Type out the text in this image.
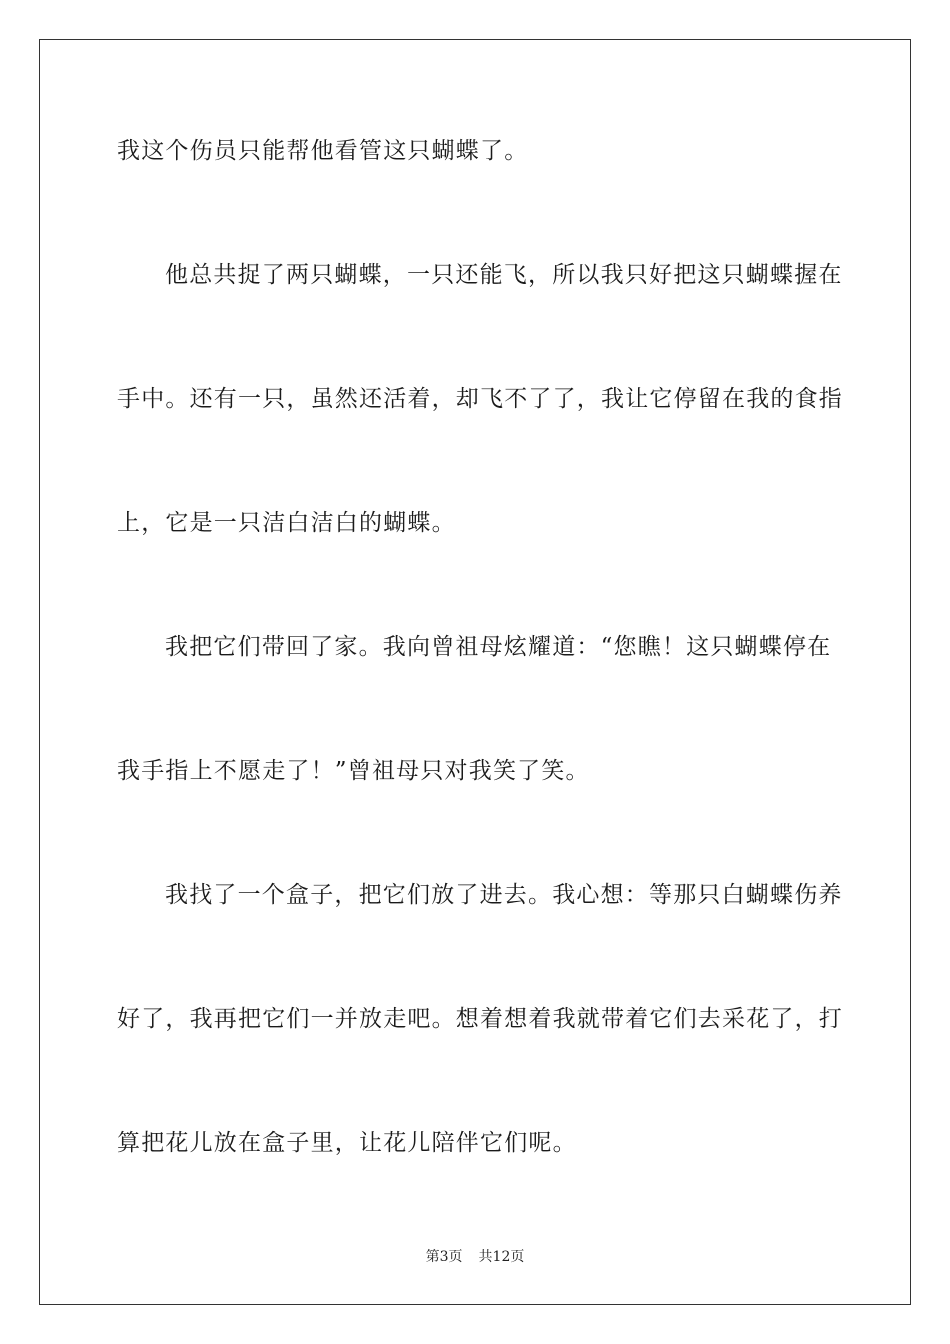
我这个伤员只能帮他看管这只蝴蝶了。
他总共捉了两只蝴蝶，一只还能飞，所以我只好把这只蝴蝶握在
手中。还有一只，虽然还活着，却飞不了了，我让它停留在我的食指
上，它是一只洁白洁白的蝴蝶。
我把它们带回了家。我向曾祖母炫耀道：“您瞧！这只蝴蝶停在
我手指上不愿走了！”曾祖母只对我笑了笑。
我找了一个盒子，把它们放了进去。我心想：等那只白蝴蝶伤养
好了，我再把它们一并放走吧。想着想着我就带着它们去采花了，打
算把花儿放在盒子里，让花儿陪伴它们呢。
第3页 共12页
